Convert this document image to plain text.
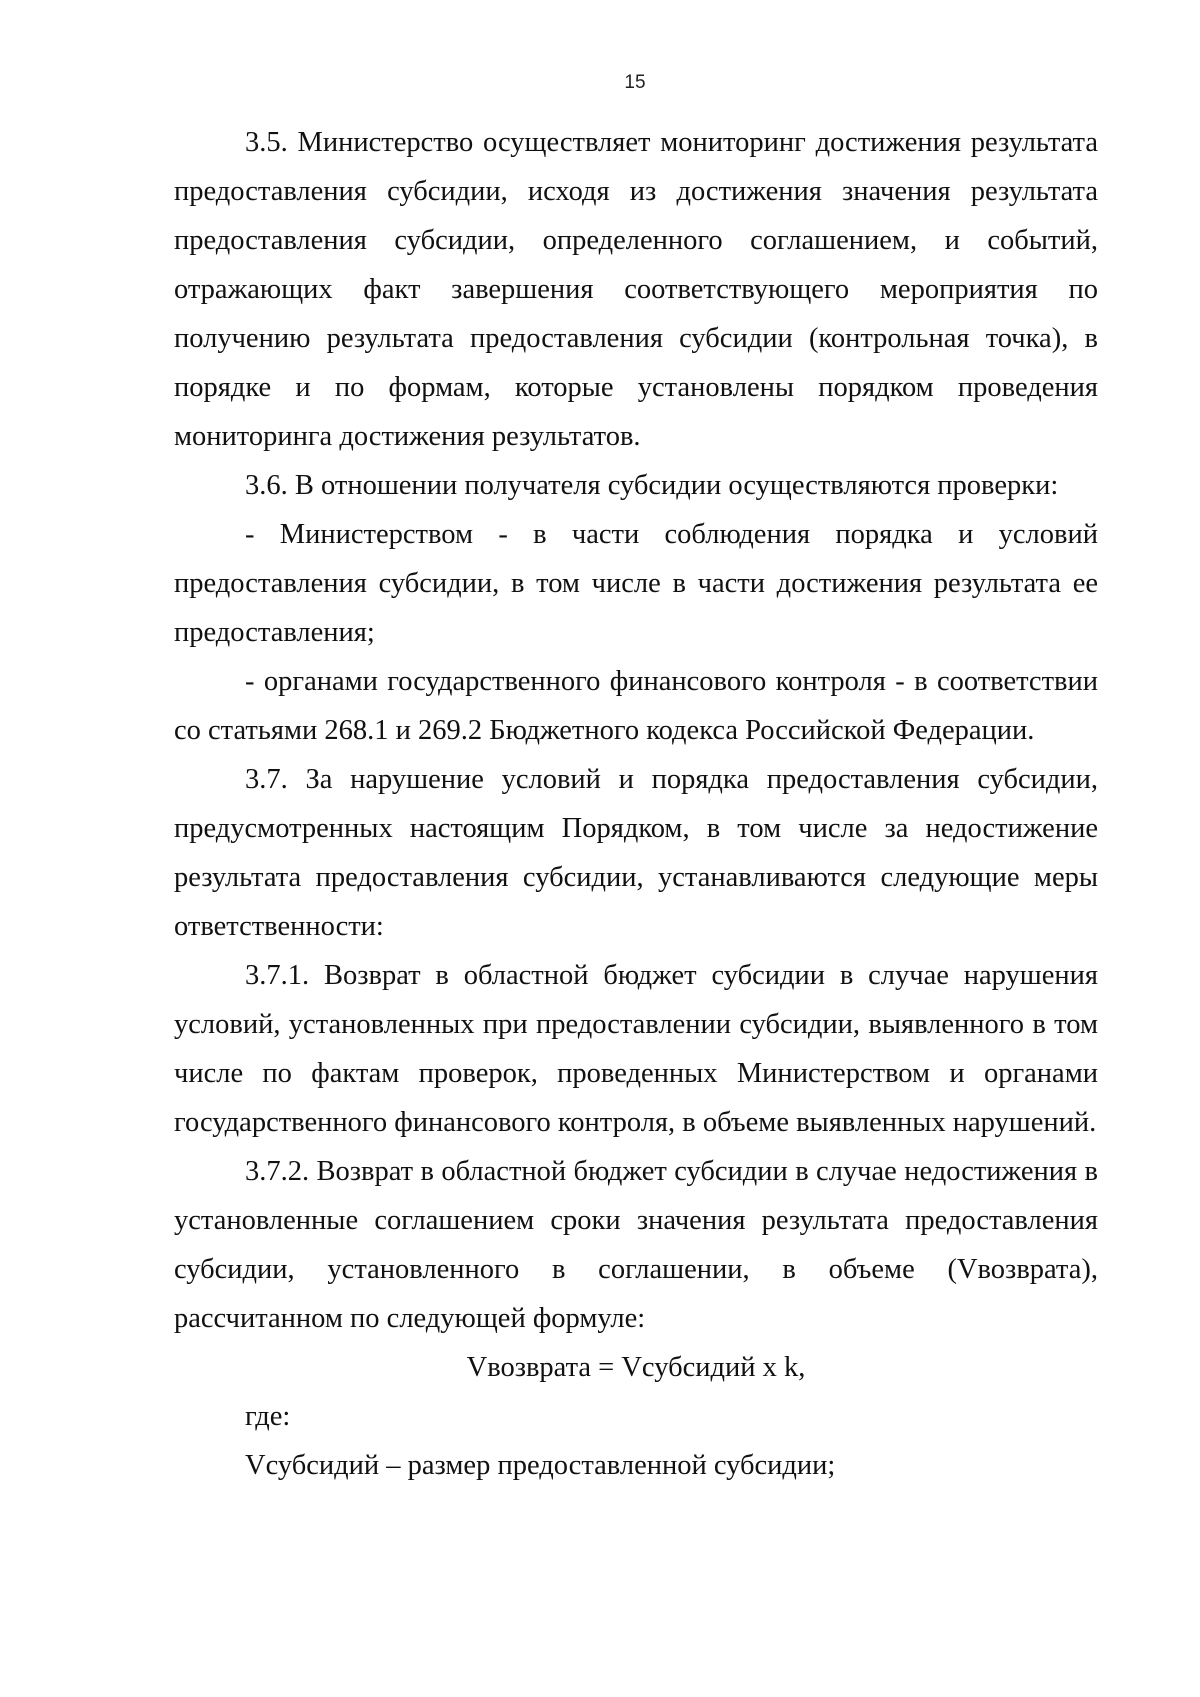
15

3.5. Министерство осуществляет мониторинг достижения результата предоставления субсидии, исходя из достижения значения результата предоставления субсидии, определенного соглашением, и событий, отражающих факт завершения соответствующего мероприятия по получению результата предоставления субсидии (контрольная точка), в порядке и по формам, которые установлены порядком проведения мониторинга достижения результатов.

3.6. В отношении получателя субсидии осуществляются проверки:

- Министерством - в части соблюдения порядка и условий предоставления субсидии, в том числе в части достижения результата ее предоставления;

- органами государственного финансового контроля - в соответствии со статьями 268.1 и 269.2 Бюджетного кодекса Российской Федерации.

3.7. За нарушение условий и порядка предоставления субсидии, предусмотренных настоящим Порядком, в том числе за недостижение результата предоставления субсидии, устанавливаются следующие меры ответственности:

3.7.1. Возврат в областной бюджет субсидии в случае нарушения условий, установленных при предоставлении субсидии, выявленного в том числе по фактам проверок, проведенных Министерством и органами государственного финансового контроля, в объеме выявленных нарушений.

3.7.2. Возврат в областной бюджет субсидии в случае недостижения в установленные соглашением сроки значения результата предоставления субсидии, установленного в соглашении, в объеме (Vвозврата), рассчитанном по следующей формуле:

Vвозврата = Vсубсидий x k,

где:

Vсубсидий – размер предоставленной субсидии;
